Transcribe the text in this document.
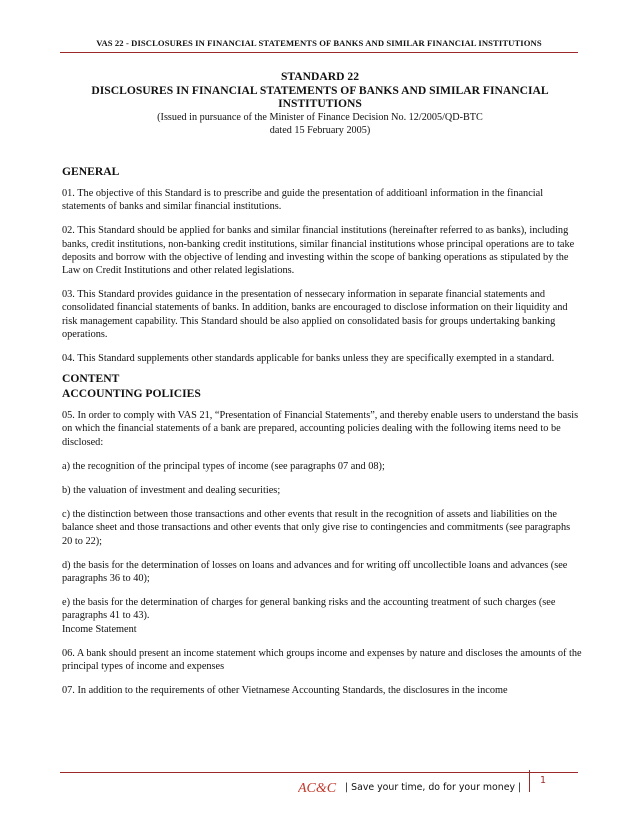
VAS 22 - DISCLOSURES IN FINANCIAL STATEMENTS OF BANKS AND SIMILAR FINANCIAL INSTITUTIONS
STANDARD 22
DISCLOSURES IN FINANCIAL STATEMENTS OF BANKS AND SIMILAR FINANCIAL
INSTITUTIONS
(Issued in pursuance of the Minister of Finance Decision No. 12/2005/QD-BTC
dated 15 February 2005)
GENERAL

01. The objective of this Standard is to prescribe and guide the presentation of additioanl information in the financial statements of banks and similar financial institutions.

02. This Standard should be applied for banks and similar financial institutions (hereinafter referred to as banks), including banks, credit institutions, non-banking credit institutions, similar financial institutions whose principal operations are to take deposits and borrow with the objective of lending and investing within the scope of banking operations as stipulated by the Law on Credit Institutions and other related legislations.

03. This Standard provides guidance in the presentation of nessecary information in separate financial statements and consolidated financial statements of banks. In addition, banks are encouraged to disclose information on their liquidity and risk management capability. This Standard should be also applied on consolidated basis for groups undertaking banking operations.

04. This Standard supplements other standards applicable for banks unless they are specifically exempted in a standard.

CONTENT
ACCOUNTING POLICIES

05. In order to comply with VAS 21, “Presentation of Financial Statements”, and thereby enable users to understand the basis on which the financial statements of a bank are prepared, accounting policies dealing with the following items need to be disclosed:

a) the recognition of the principal types of income (see paragraphs 07 and 08);

b) the valuation of investment and dealing securities;

c) the distinction between those transactions and other events that result in the recognition of assets and liabilities on the balance sheet and those transactions and other events that only give rise to contingencies and commitments (see paragraphs 20 to 22);

d) the basis for the determination of losses on loans and advances and for writing off uncollectible loans and advances (see paragraphs 36 to 40);

e) the basis for the determination of charges for general banking risks and the accounting treatment of such charges (see paragraphs 41 to 43).

Income Statement

06. A bank should present an income statement which groups income and expenses by nature and discloses the amounts of the principal types of income and expenses

07. In addition to the requirements of other Vietnamese Accounting Standards, the disclosures in the income

AC&C | Save your time, do for your money |
1
